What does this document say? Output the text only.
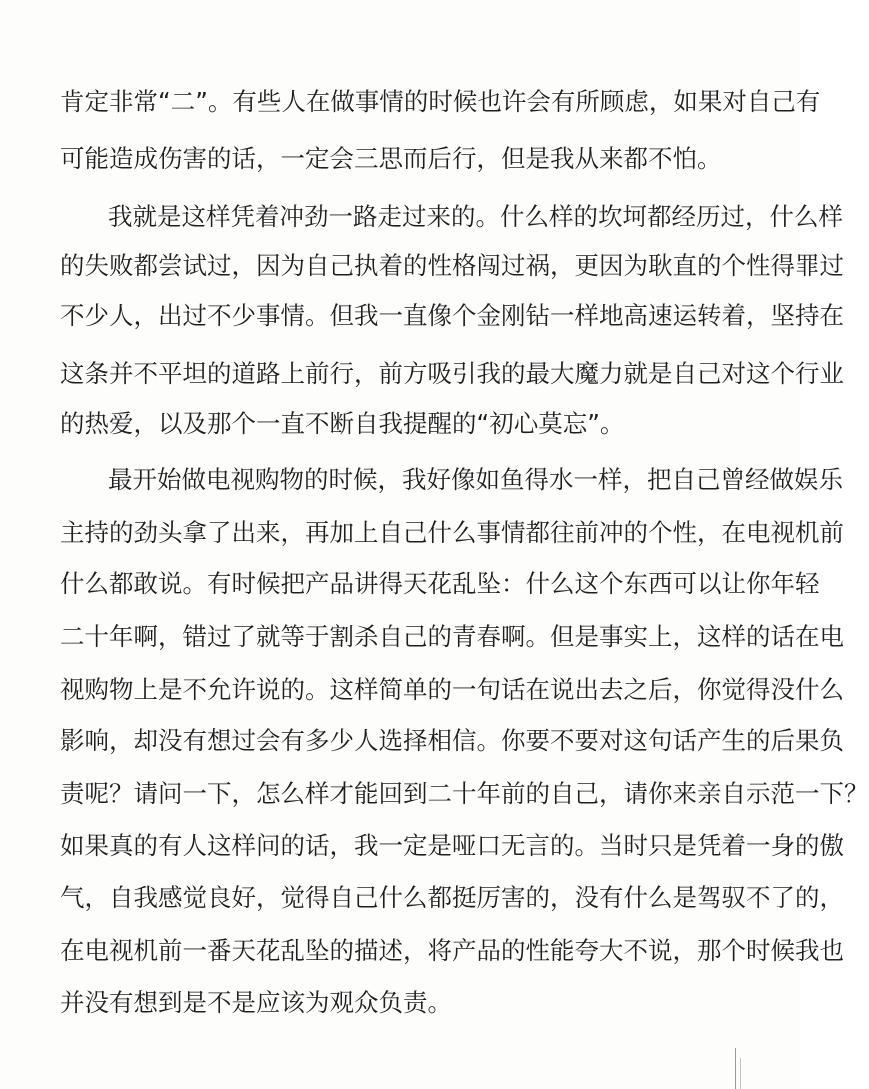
肯定非常“二”。有些人在做事情的时候也许会有所顾虑，如果对自己有
可能造成伤害的话，一定会三思而后行，但是我从来都不怕。
我就是这样凭着冲劲一路走过来的。什么样的坎坷都经历过，什么样
的失败都尝试过，因为自己执着的性格闯过祸，更因为耿直的个性得罪过
不少人，出过不少事情。但我一直像个金刚钻一样地高速运转着，坚持在
这条并不平坦的道路上前行，前方吸引我的最大魔力就是自己对这个行业
的热爱，以及那个一直不断自我提醒的“初心莫忘”。
最开始做电视购物的时候，我好像如鱼得水一样，把自己曾经做娱乐
主持的劲头拿了出来，再加上自己什么事情都往前冲的个性，在电视机前
什么都敢说。有时候把产品讲得天花乱坠：什么这个东西可以让你年轻
二十年啊，错过了就等于割杀自己的青春啊。但是事实上，这样的话在电
视购物上是不允许说的。这样简单的一句话在说出去之后，你觉得没什么
影响，却没有想过会有多少人选择相信。你要不要对这句话产生的后果负
责呢？请问一下，怎么样才能回到二十年前的自己，请你来亲自示范一下？
如果真的有人这样问的话，我一定是哑口无言的。当时只是凭着一身的傲
气，自我感觉良好，觉得自己什么都挺厉害的，没有什么是驾驭不了的，
在电视机前一番天花乱坠的描述，将产品的性能夸大不说，那个时候我也
并没有想到是不是应该为观众负责。
